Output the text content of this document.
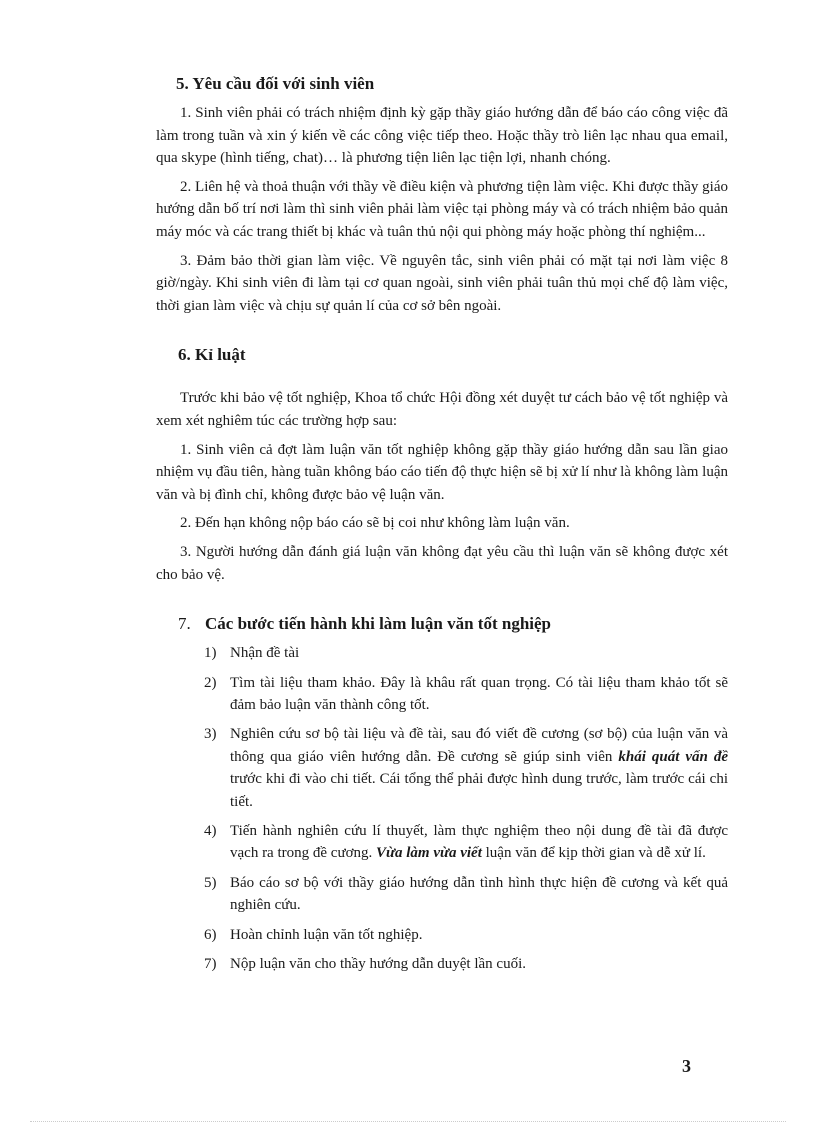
5. Yêu cầu đối với sinh viên

1. Sinh viên phải có trách nhiệm định kỳ gặp thầy giáo hướng dẫn để báo cáo công việc đã làm trong tuần và xin ý kiến về các công việc tiếp theo. Hoặc thầy trò liên lạc nhau qua email, qua skype (hình tiếng, chat)… là phương tiện liên lạc tiện lợi, nhanh chóng.

2. Liên hệ và thoả thuận với thầy về điều kiện và phương tiện làm việc. Khi được thầy giáo hướng dẫn bố trí nơi làm thì sinh viên phải làm việc tại phòng máy và có trách nhiệm bảo quản máy móc và các trang thiết bị khác và tuân thủ nội qui phòng máy hoặc phòng thí nghiệm...

3. Đảm bảo thời gian làm việc. Về nguyên tắc, sinh viên phải có mặt tại nơi làm việc 8 giờ/ngày. Khi sinh viên đi làm tại cơ quan ngoài, sinh viên phải tuân thủ mọi chế độ làm việc, thời gian làm việc và chịu sự quản lí của cơ sở bên ngoài.

6. Kỉ luật

Trước khi bảo vệ tốt nghiệp, Khoa tổ chức Hội đồng xét duyệt tư cách bảo vệ tốt nghiệp và xem xét nghiêm túc các trường hợp sau:

1. Sinh viên cả đợt làm luận văn tốt nghiệp không gặp thầy giáo hướng dẫn sau lần giao nhiệm vụ đầu tiên, hàng tuần không báo cáo tiến độ thực hiện sẽ bị xử lí như là không làm luận văn và bị đình chỉ, không được bảo vệ luận văn.

2. Đến hạn không nộp báo cáo sẽ bị coi như không làm luận văn.

3. Người hướng dẫn đánh giá luận văn không đạt yêu cầu thì luận văn sẽ không được xét cho bảo vệ.

7. Các bước tiến hành khi làm luận văn tốt nghiệp
1) Nhận đề tài
2) Tìm tài liệu tham khảo. Đây là khâu rất quan trọng. Có tài liệu tham khảo tốt sẽ đảm bảo luận văn thành công tốt.
3) Nghiên cứu sơ bộ tài liệu và đề tài, sau đó viết đề cương (sơ bộ) của luận văn và thông qua giáo viên hướng dẫn. Đề cương sẽ giúp sinh viên khái quát vấn đề trước khi đi vào chi tiết. Cái tổng thể phải được hình dung trước, làm trước cái chi tiết.
4) Tiến hành nghiên cứu lí thuyết, làm thực nghiệm theo nội dung đề tài đã được vạch ra trong đề cương. Vừa làm vừa viết luận văn để kịp thời gian và dễ xử lí.
5) Báo cáo sơ bộ với thầy giáo hướng dẫn tình hình thực hiện đề cương và kết quả nghiên cứu.
6) Hoàn chỉnh luận văn tốt nghiệp.
7) Nộp luận văn cho thầy hướng dẫn duyệt lần cuối.
3
